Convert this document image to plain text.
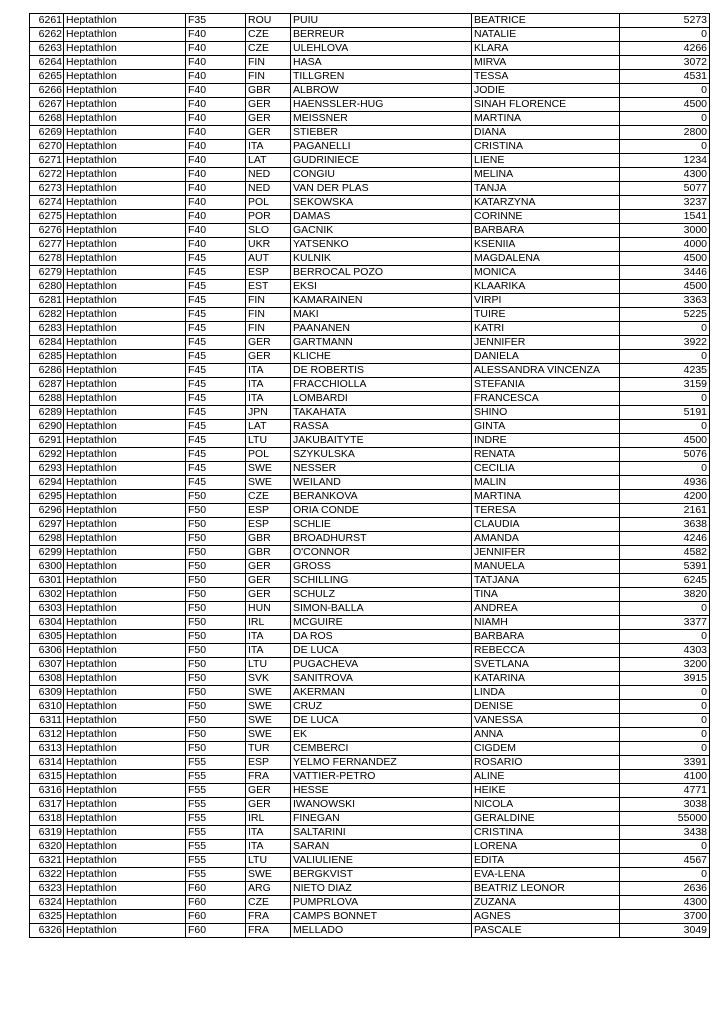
6261	Heptathlon	F35	ROU	PUIU	BEATRICE	5273
6262	Heptathlon	F40	CZE	BERREUR	NATALIE	0
6263	Heptathlon	F40	CZE	ULEHLOVA	KLARA	4266
6264	Heptathlon	F40	FIN	HASA	MIRVA	3072
6265	Heptathlon	F40	FIN	TILLGREN	TESSA	4531
6266	Heptathlon	F40	GBR	ALBROW	JODIE	0
6267	Heptathlon	F40	GER	HAENSSLER-HUG	SINAH FLORENCE	4500
6268	Heptathlon	F40	GER	MEISSNER	MARTINA	0
6269	Heptathlon	F40	GER	STIEBER	DIANA	2800
6270	Heptathlon	F40	ITA	PAGANELLI	CRISTINA	0
6271	Heptathlon	F40	LAT	GUDRINIECE	LIENE	1234
6272	Heptathlon	F40	NED	CONGIU	MELINA	4300
6273	Heptathlon	F40	NED	VAN DER PLAS	TANJA	5077
6274	Heptathlon	F40	POL	SEKOWSKA	KATARZYNA	3237
6275	Heptathlon	F40	POR	DAMAS	CORINNE	1541
6276	Heptathlon	F40	SLO	GACNIK	BARBARA	3000
6277	Heptathlon	F40	UKR	YATSENKO	KSENIIA	4000
6278	Heptathlon	F45	AUT	KULNIK	MAGDALENA	4500
6279	Heptathlon	F45	ESP	BERROCAL POZO	MONICA	3446
6280	Heptathlon	F45	EST	EKSI	KLAARIKA	4500
6281	Heptathlon	F45	FIN	KAMARAINEN	VIRPI	3363
6282	Heptathlon	F45	FIN	MAKI	TUIRE	5225
6283	Heptathlon	F45	FIN	PAANANEN	KATRI	0
6284	Heptathlon	F45	GER	GARTMANN	JENNIFER	3922
6285	Heptathlon	F45	GER	KLICHE	DANIELA	0
6286	Heptathlon	F45	ITA	DE ROBERTIS	ALESSANDRA VINCENZA	4235
6287	Heptathlon	F45	ITA	FRACCHIOLLA	STEFANIA	3159
6288	Heptathlon	F45	ITA	LOMBARDI	FRANCESCA	0
6289	Heptathlon	F45	JPN	TAKAHATA	SHINO	5191
6290	Heptathlon	F45	LAT	RASSA	GINTA	0
6291	Heptathlon	F45	LTU	JAKUBAITYTE	INDRE	4500
6292	Heptathlon	F45	POL	SZYKULSKA	RENATA	5076
6293	Heptathlon	F45	SWE	NESSER	CECILIA	0
6294	Heptathlon	F45	SWE	WEILAND	MALIN	4936
6295	Heptathlon	F50	CZE	BERANKOVA	MARTINA	4200
6296	Heptathlon	F50	ESP	ORIA CONDE	TERESA	2161
6297	Heptathlon	F50	ESP	SCHLIE	CLAUDIA	3638
6298	Heptathlon	F50	GBR	BROADHURST	AMANDA	4246
6299	Heptathlon	F50	GBR	O'CONNOR	JENNIFER	4582
6300	Heptathlon	F50	GER	GROSS	MANUELA	5391
6301	Heptathlon	F50	GER	SCHILLING	TATJANA	6245
6302	Heptathlon	F50	GER	SCHULZ	TINA	3820
6303	Heptathlon	F50	HUN	SIMON-BALLA	ANDREA	0
6304	Heptathlon	F50	IRL	MCGUIRE	NIAMH	3377
6305	Heptathlon	F50	ITA	DA ROS	BARBARA	0
6306	Heptathlon	F50	ITA	DE LUCA	REBECCA	4303
6307	Heptathlon	F50	LTU	PUGACHEVA	SVETLANA	3200
6308	Heptathlon	F50	SVK	SANITROVA	KATARINA	3915
6309	Heptathlon	F50	SWE	AKERMAN	LINDA	0
6310	Heptathlon	F50	SWE	CRUZ	DENISE	0
6311	Heptathlon	F50	SWE	DE LUCA	VANESSA	0
6312	Heptathlon	F50	SWE	EK	ANNA	0
6313	Heptathlon	F50	TUR	CEMBERCI	CIGDEM	0
6314	Heptathlon	F55	ESP	YELMO FERNANDEZ	ROSARIO	3391
6315	Heptathlon	F55	FRA	VATTIER-PETRO	ALINE	4100
6316	Heptathlon	F55	GER	HESSE	HEIKE	4771
6317	Heptathlon	F55	GER	IWANOWSKI	NICOLA	3038
6318	Heptathlon	F55	IRL	FINEGAN	GERALDINE	55000
6319	Heptathlon	F55	ITA	SALTARINI	CRISTINA	3438
6320	Heptathlon	F55	ITA	SARAN	LORENA	0
6321	Heptathlon	F55	LTU	VALIULIENE	EDITA	4567
6322	Heptathlon	F55	SWE	BERGKVIST	EVA-LENA	0
6323	Heptathlon	F60	ARG	NIETO DIAZ	BEATRIZ LEONOR	2636
6324	Heptathlon	F60	CZE	PUMPRLOVA	ZUZANA	4300
6325	Heptathlon	F60	FRA	CAMPS BONNET	AGNES	3700
6326	Heptathlon	F60	FRA	MELLADO	PASCALE	3049
